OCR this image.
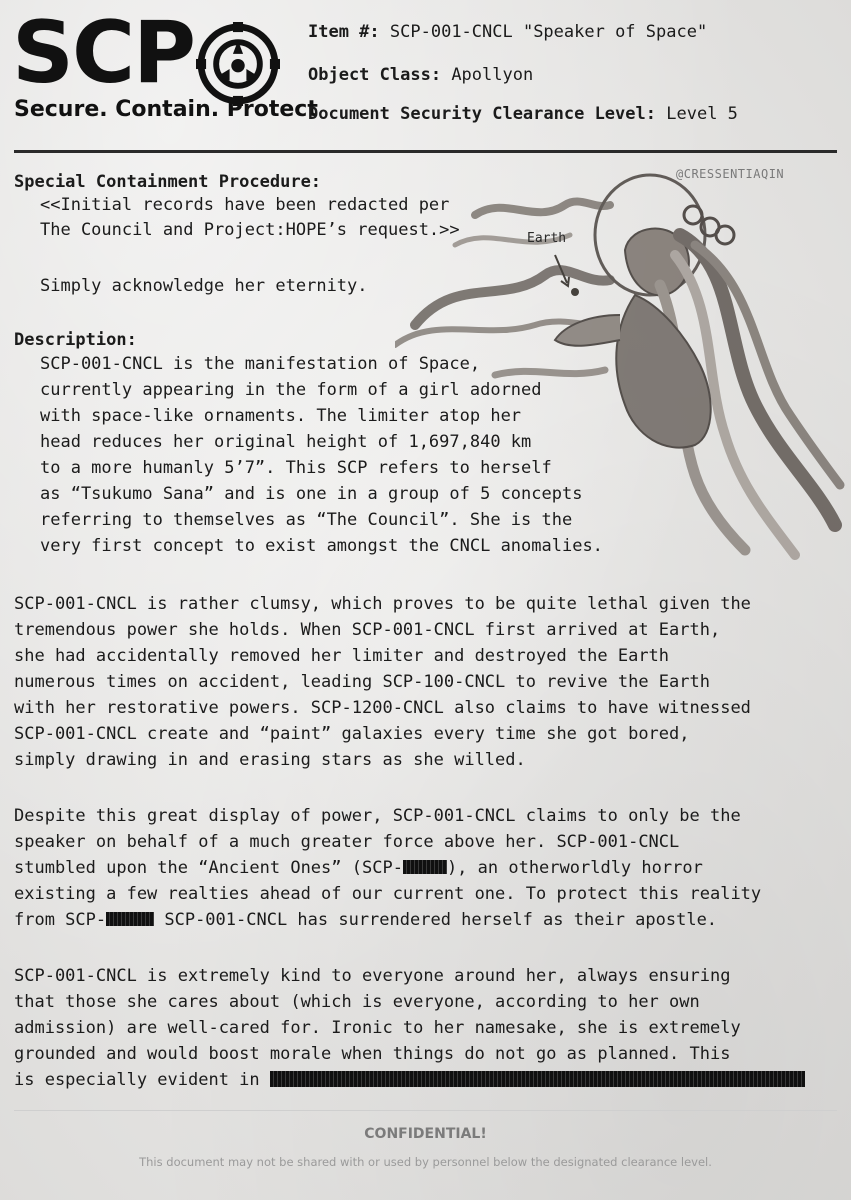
SCP
Secure. Contain. Protect
Item #: SCP-001-CNCL "Speaker of Space"
Object Class: Apollyon
Document Security Clearance Level: Level 5
@CRESSENTIAQIN
Earth
Special Containment Procedure:
<<Initial records have been redacted per
The Council and Project:HOPE’s request.>>
Simply acknowledge her eternity.
Description:
SCP-001-CNCL is the manifestation of Space,
currently appearing in the form of a girl adorned
with space-like ornaments. The limiter atop her
head reduces her original height of 1,697,840 km
to a more humanly 5’7”. This SCP refers to herself
as “Tsukumo Sana” and is one in a group of 5 concepts
referring to themselves as “The Council”. She is the
very first concept to exist amongst the CNCL anomalies.
SCP-001-CNCL is rather clumsy, which proves to be quite lethal given the
tremendous power she holds. When SCP-001-CNCL first arrived at Earth,
she had accidentally removed her limiter and destroyed the Earth
numerous times on accident, leading SCP-100-CNCL to revive the Earth
with her restorative powers. SCP-1200-CNCL also claims to have witnessed
SCP-001-CNCL create and “paint” galaxies every time she got bored,
simply drawing in and erasing stars as she willed.
Despite this great display of power, SCP-001-CNCL claims to only be the
speaker on behalf of a much greater force above her. SCP-001-CNCL
stumbled upon the “Ancient Ones” (SCP-	), an otherworldly horror
existing a few realties ahead of our current one. To protect this reality
from SCP-	SCP-001-CNCL has surrendered herself as their apostle.
SCP-001-CNCL is extremely kind to everyone around her, always ensuring
that those she cares about (which is everyone, according to her own
admission) are well-cared for. Ironic to her namesake, she is extremely
grounded and would boost morale when things do not go as planned. This
is especially evident in
CONFIDENTIAL!
This document may not be shared with or used by personnel below the designated clearance level.
